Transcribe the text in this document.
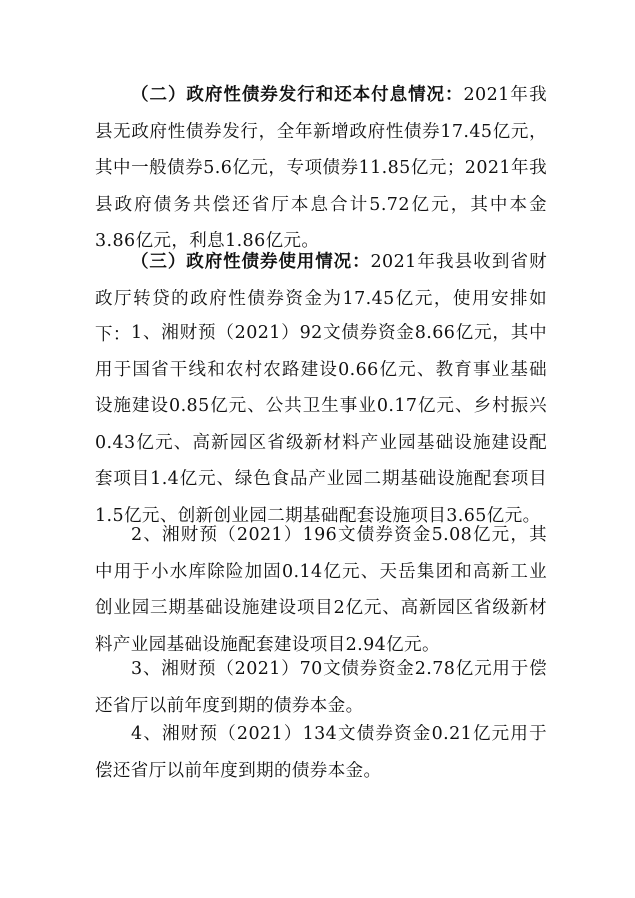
（二）政府性债券发行和还本付息情况：2021年我县无政府性债券发行，全年新增政府性债券17.45亿元，其中一般债券5.6亿元，专项债券11.85亿元；2021年我县政府债务共偿还省厅本息合计5.72亿元，其中本金3.86亿元，利息1.86亿元。

（三）政府性债券使用情况：2021年我县收到省财政厅转贷的政府性债券资金为17.45亿元，使用安排如下： 1、湘财预（2021）92文债券资金8.66亿元，其中用于国省干线和农村农路建设0.66亿元、教育事业基础设施建设0.85亿元、公共卫生事业0.17亿元、乡村振兴0.43亿元、高新园区省级新材料产业园基础设施建设配套项目1.4亿元、绿色食品产业园二期基础设施配套项目1.5亿元、创新创业园二期基础配套设施项目3.65亿元。

2、湘财预（2021）196文债券资金5.08亿元，其中用于小水库除险加固0.14亿元、天岳集团和高新工业创业园三期基础设施建设项目2亿元、高新园区省级新材料产业园基础设施配套建设项目2.94亿元。

3、湘财预（2021）70文债券资金2.78亿元用于偿还省厅以前年度到期的债券本金。

4、湘财预（2021）134文债券资金0.21亿元用于偿还省厅以前年度到期的债券本金。
